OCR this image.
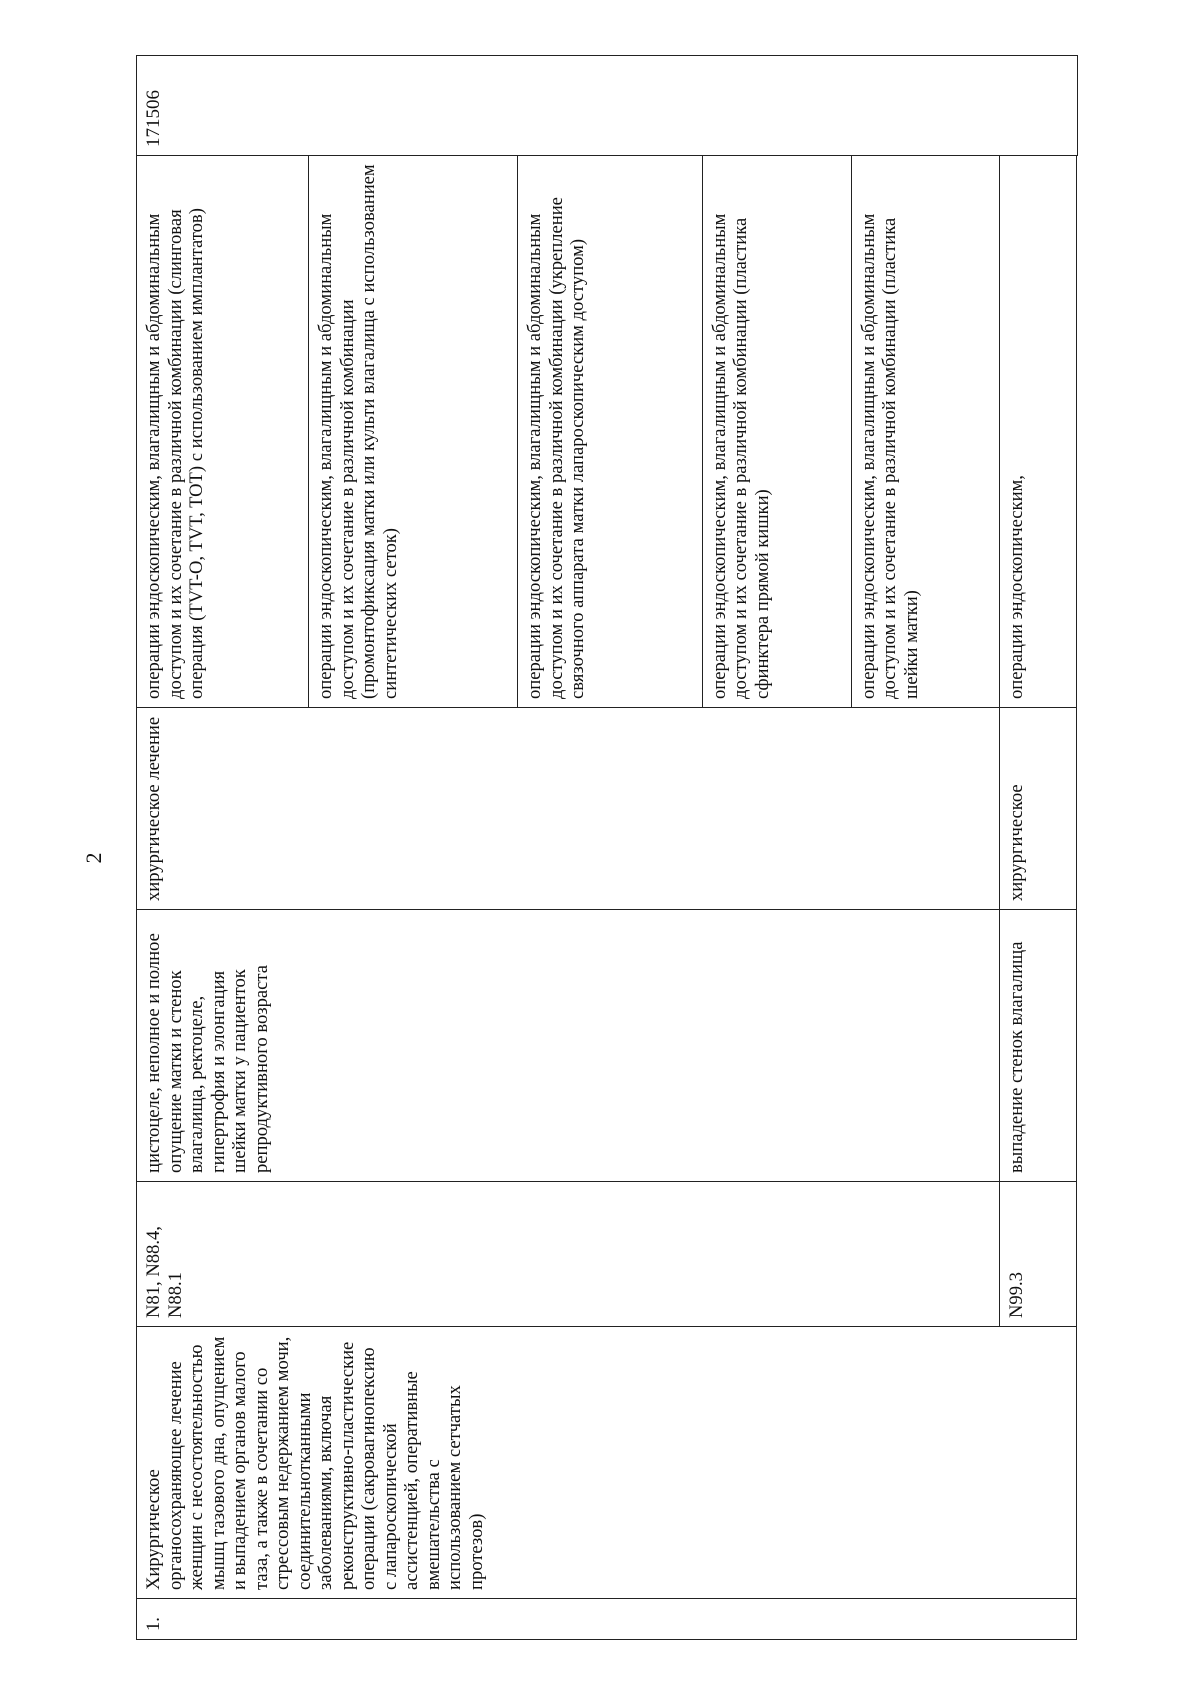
2
1.	Хирургическое органосохраняющее лечение женщин с несостоятельностью мышц тазового дна, опущением и выпадением органов малого таза, а также в сочетании со стрессовым недержанием мочи, соединительнотканными заболеваниями, включая реконструктивно-пластические операции (сакровагинопексию с лапароскопической ассистенцией, оперативные вмешательства с использованием сетчатых протезов)	N81, N88.4, N88.1	цистоцеле, неполное и полное опущение матки и стенок влагалища, ректоцеле, гипертрофия и элонгация шейки матки у пациенток репродуктивного возраста	хирургическое лечение	операции эндоскопическим, влагалищным и абдоминальным доступом и их сочетание в различной комбинации (слинговая операция (TVT-O, TVT, TOT) с использованием имплантатов)	171506
					операции эндоскопическим, влагалищным и абдоминальным доступом и их сочетание в различной комбинации (промонтофиксация матки или культи влагалища с использованием синтетических сеток)	
					операции эндоскопическим, влагалищным и абдоминальным доступом и их сочетание в различной комбинации (укрепление связочного аппарата матки лапароскопическим доступом)	
					операции эндоскопическим, влагалищным и абдоминальным доступом и их сочетание в различной комбинации (пластика сфинктера прямой кишки)	
					операции эндоскопическим, влагалищным и абдоминальным доступом и их сочетание в различной комбинации (пластика шейки матки)	
		N99.3	выпадение стенок влагалища	хирургическое	операции эндоскопическим,	
